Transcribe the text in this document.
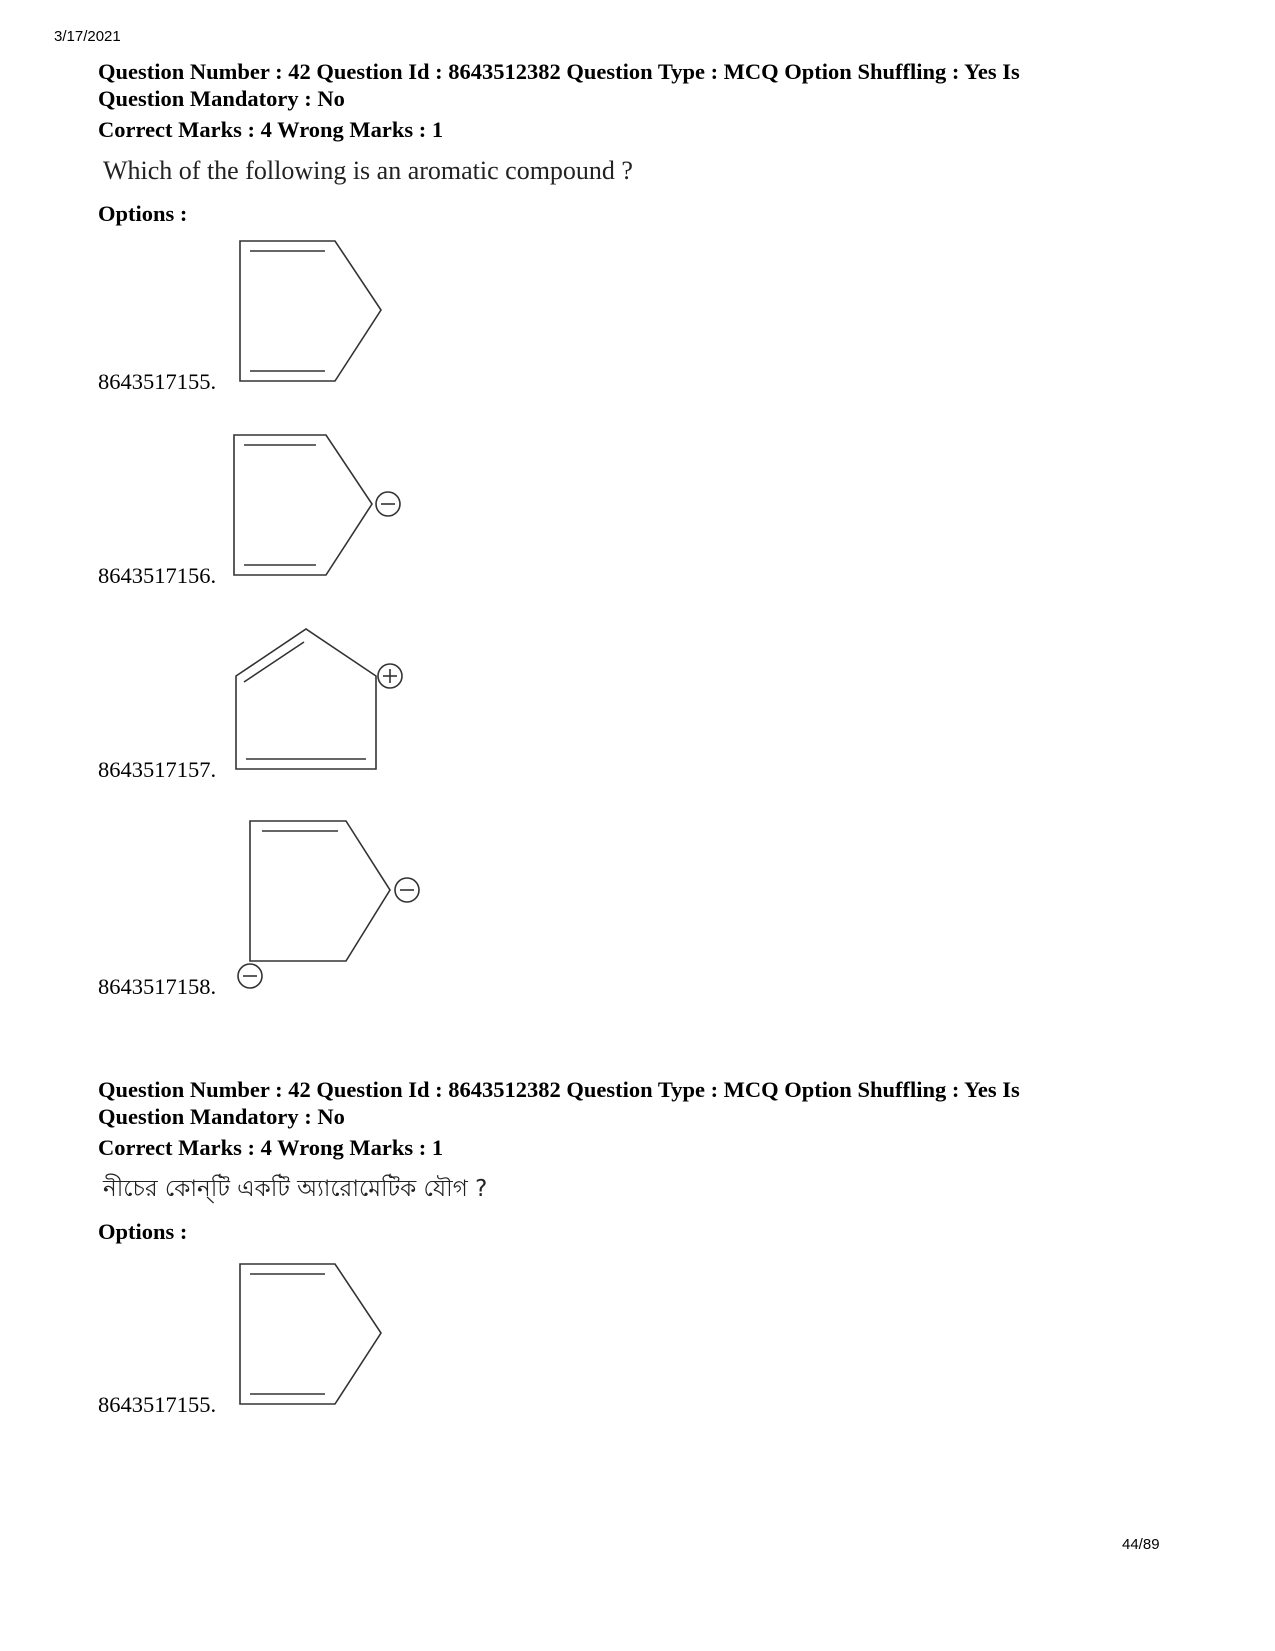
3/17/2021

Question Number : 42 Question Id : 8643512382 Question Type : MCQ Option Shuffling : Yes Is
Question Mandatory : No

Correct Marks : 4 Wrong Marks : 1

Which of the following is an aromatic compound ?

Options :

8643517155.
8643517156.
8643517157.
8643517158.

Question Number : 42 Question Id : 8643512382 Question Type : MCQ Option Shuffling : Yes Is
Question Mandatory : No

Correct Marks : 4 Wrong Marks : 1

নীচের কোন্‌টি একটি অ্যারোমেটিক যৌগ ?

Options :

8643517155.
44/89
